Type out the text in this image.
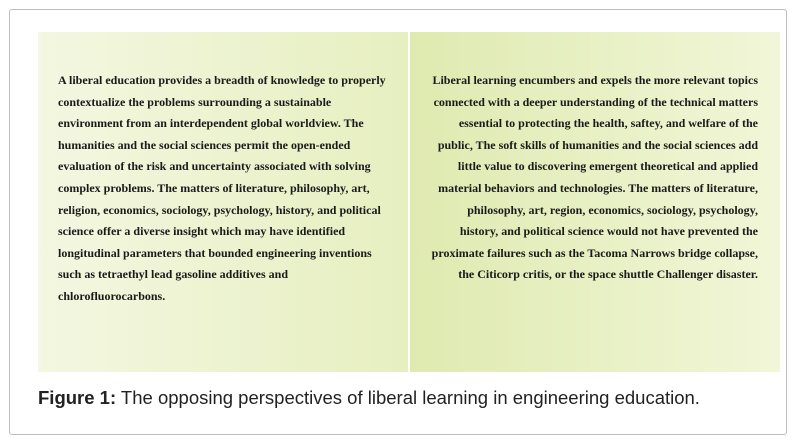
A liberal education provides a breadth of knowledge to properly contextualize the problems surrounding a sustainable environment from an interdependent global worldview. The humanities and the social sciences permit the open-ended evaluation of the risk and uncertainty associated with solving complex problems. The matters of literature, philosophy, art, religion, economics, sociology, psychology, history, and political science offer a diverse insight which may have identified longitudinal parameters that bounded engineering inventions such as tetraethyl lead gasoline additives and chlorofluorocarbons.

Liberal learning encumbers and expels the more relevant topics connected with a deeper understanding of the technical matters essential to protecting the health, saftey, and welfare of the public, The soft skills of humanities and the social sciences add little value to discovering emergent theoretical and applied material behaviors and technologies. The matters of literature, philosophy, art, region, economics, sociology, psychology, history, and political science would not have prevented the proximate failures such as the Tacoma Narrows bridge collapse, the Citicorp critis, or the space shuttle Challenger disaster.

Figure 1: The opposing perspectives of liberal learning in engineering education.
